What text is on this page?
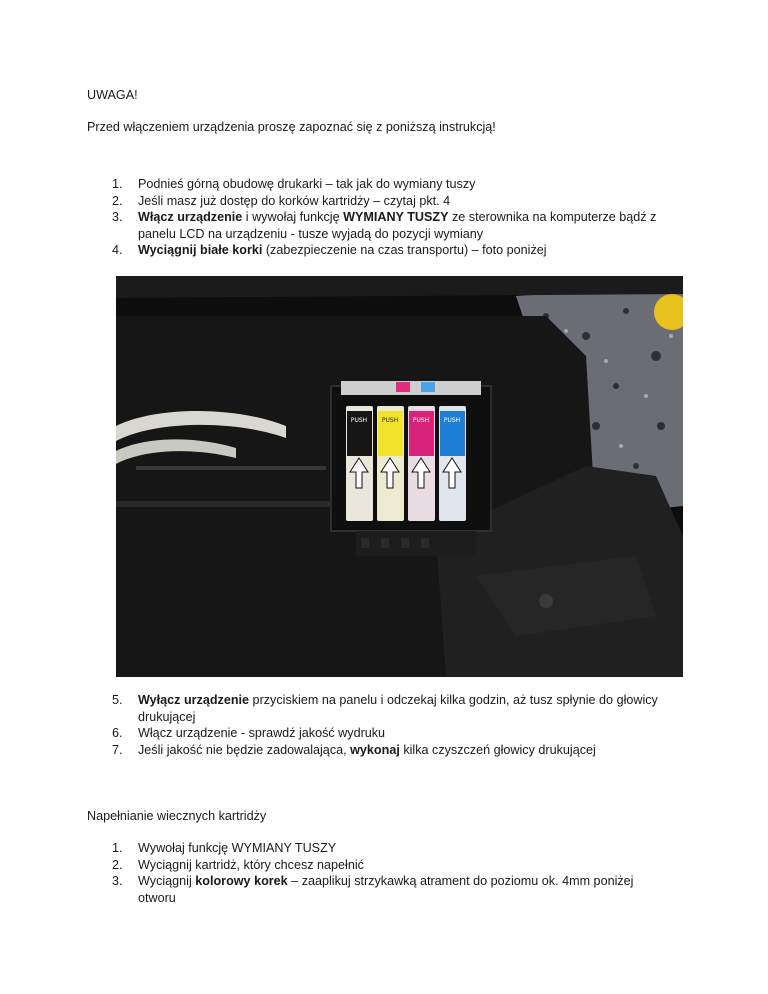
UWAGA!
Przed włączeniem urządzenia proszę zapoznać się z poniższą instrukcją!
1. Podnieś górną obudowę drukarki – tak jak do wymiany tuszy
2. Jeśli masz już dostęp do korków kartridży – czytaj pkt. 4
3. Włącz urządzenie i wywołaj funkcję WYMIANY TUSZY ze sterownika na komputerze bądź z
panelu LCD na urządzeniu - tusze wyjadą do pozycji wymiany
4. Wyciągnij białe korki (zabezpieczenie na czas transportu) – foto poniżej
PUSH PUSH PUSH PUSH
5. Wyłącz urządzenie przyciskiem na panelu i odczekaj kilka godzin, aż tusz spłynie do głowicy
drukującej
6. Włącz urządzenie - sprawdź jakość wydruku
7. Jeśli jakość nie będzie zadowalająca, wykonaj kilka czyszczeń głowicy drukującej
Napełnianie wiecznych kartridży
1. Wywołaj funkcję WYMIANY TUSZY
2. Wyciągnij kartridż, który chcesz napełnić
3. Wyciągnij kolorowy korek – zaaplikuj strzykawką atrament do poziomu ok. 4mm poniżej
otworu
